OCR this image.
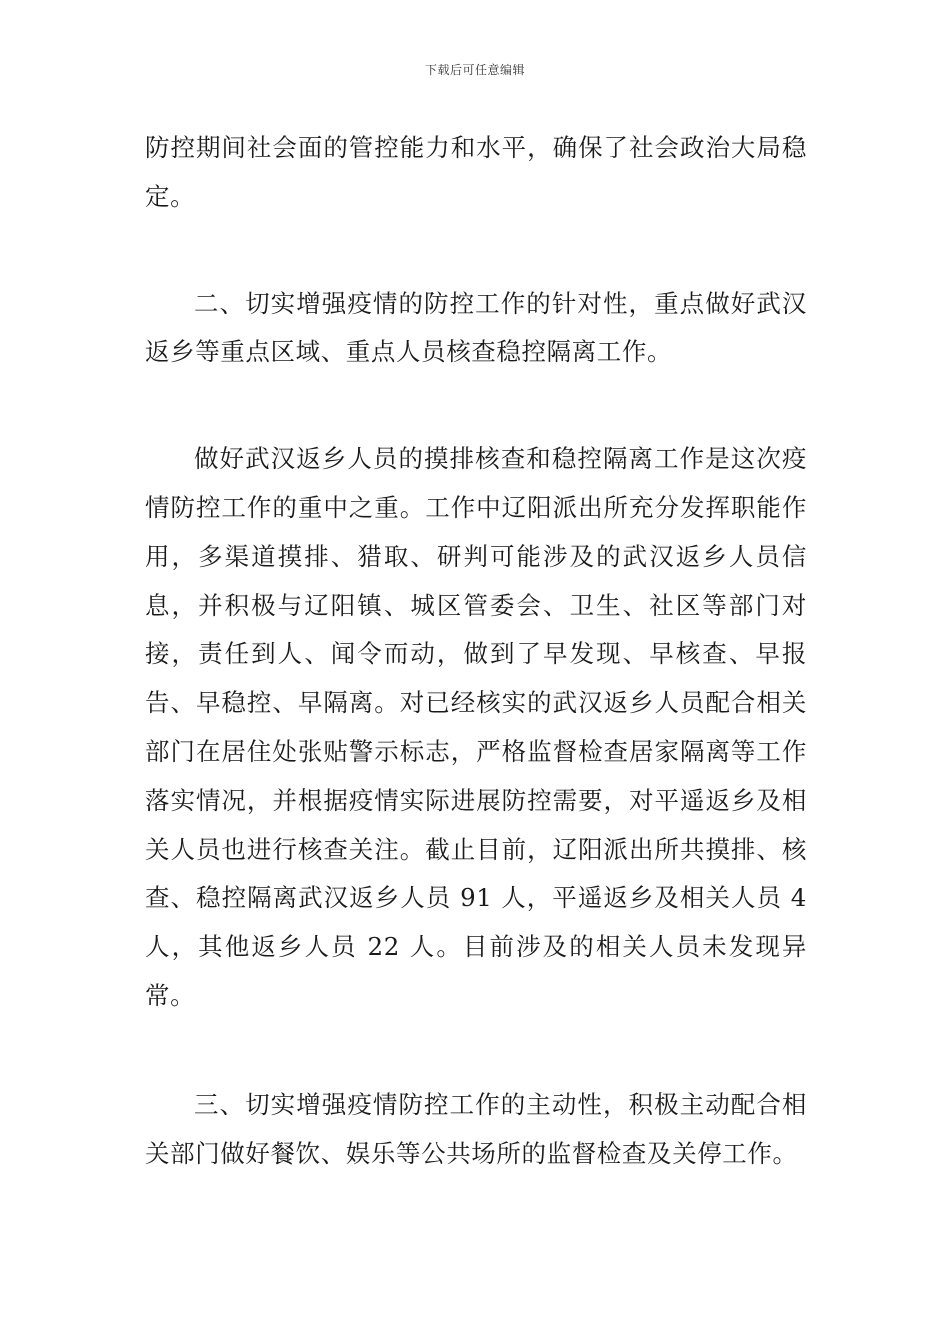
下载后可任意编辑

防控期间社会面的管控能力和水平，确保了社会政治大局稳定。

二、切实增强疫情的防控工作的针对性，重点做好武汉返乡等重点区域、重点人员核查稳控隔离工作。

做好武汉返乡人员的摸排核查和稳控隔离工作是这次疫情防控工作的重中之重。工作中辽阳派出所充分发挥职能作用，多渠道摸排、猎取、研判可能涉及的武汉返乡人员信息，并积极与辽阳镇、城区管委会、卫生、社区等部门对接，责任到人、闻令而动，做到了早发现、早核查、早报告、早稳控、早隔离。对已经核实的武汉返乡人员配合相关部门在居住处张贴警示标志，严格监督检查居家隔离等工作落实情况，并根据疫情实际进展防控需要，对平遥返乡及相关人员也进行核查关注。截止目前，辽阳派出所共摸排、核查、稳控隔离武汉返乡人员 91 人，平遥返乡及相关人员 4 人，其他返乡人员 22 人。目前涉及的相关人员未发现异常。

三、切实增强疫情防控工作的主动性，积极主动配合相关部门做好餐饮、娱乐等公共场所的监督检查及关停工作。
